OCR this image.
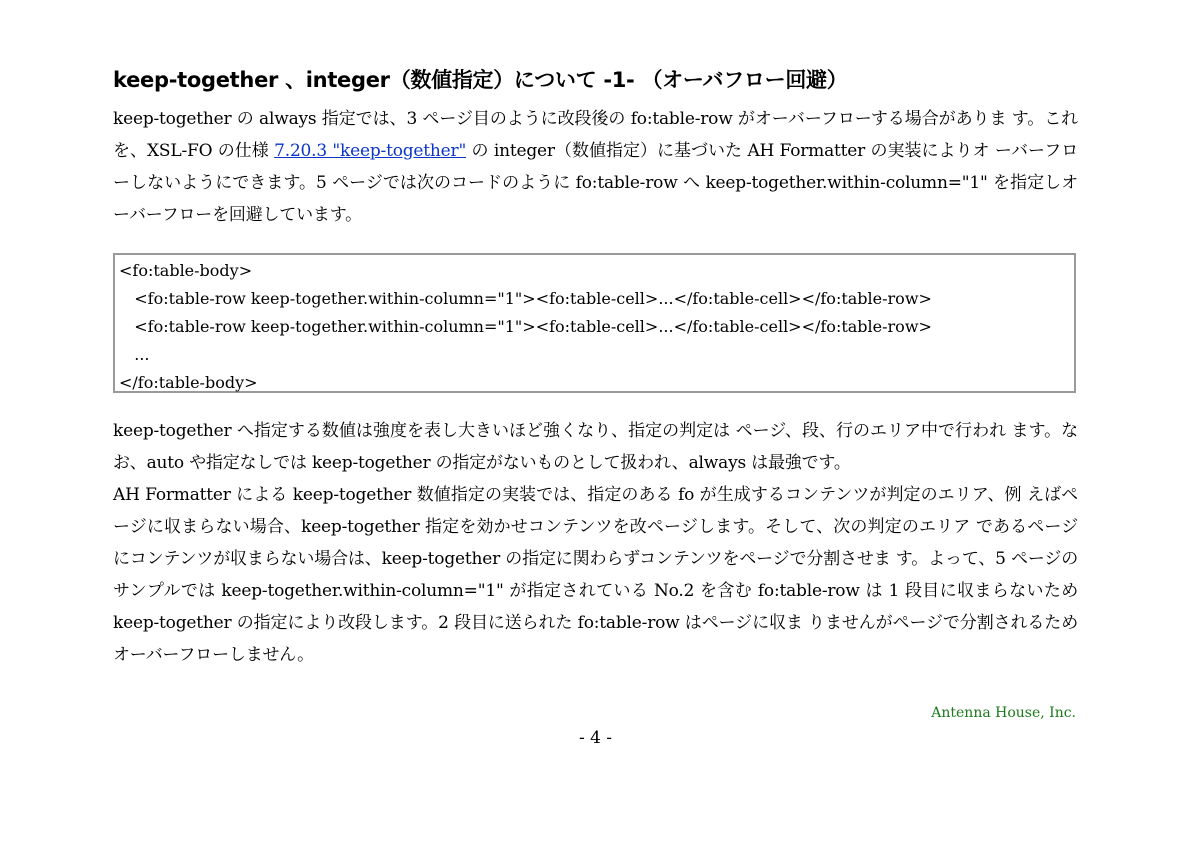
keep-together 、integer（数値指定）について -1- （オーバフロー回避）

keep-together の always 指定では、3 ページ目のように改段後の fo:table-row がオーバーフローする場合がありま す。これを、XSL-FO の仕様 7.20.3 "keep-together" の integer（数値指定）に基づいた AH Formatter の実装によりオ ーバーフローしないようにできます。5 ページでは次のコードのように fo:table-row へ keep-together.within-column="1" を指定しオーバーフローを回避しています。

<fo:table-body>
<fo:table-row keep-together.within-column="1"><fo:table-cell>...</fo:table-cell></fo:table-row>
<fo:table-row keep-together.within-column="1"><fo:table-cell>...</fo:table-cell></fo:table-row>
...
</fo:table-body>

keep-together へ指定する数値は強度を表し大きいほど強くなり、指定の判定は ページ、段、行のエリア中で行われ ます。なお、auto や指定なしでは keep-together の指定がないものとして扱われ、always は最強です。

AH Formatter による keep-together 数値指定の実装では、指定のある fo が生成するコンテンツが判定のエリア、例 えばページに収まらない場合、keep-together 指定を効かせコンテンツを改ページします。そして、次の判定のエリア であるページにコンテンツが収まらない場合は、keep-together の指定に関わらずコンテンツをページで分割させま す。よって、5 ページのサンプルでは keep-together.within-column="1" が指定されている No.2 を含む fo:table-row は 1 段目に収まらないため keep-together の指定により改段します。2 段目に送られた fo:table-row はページに収ま りませんがページで分割されるためオーバーフローしません。

Antenna House, Inc.
- 4 -
